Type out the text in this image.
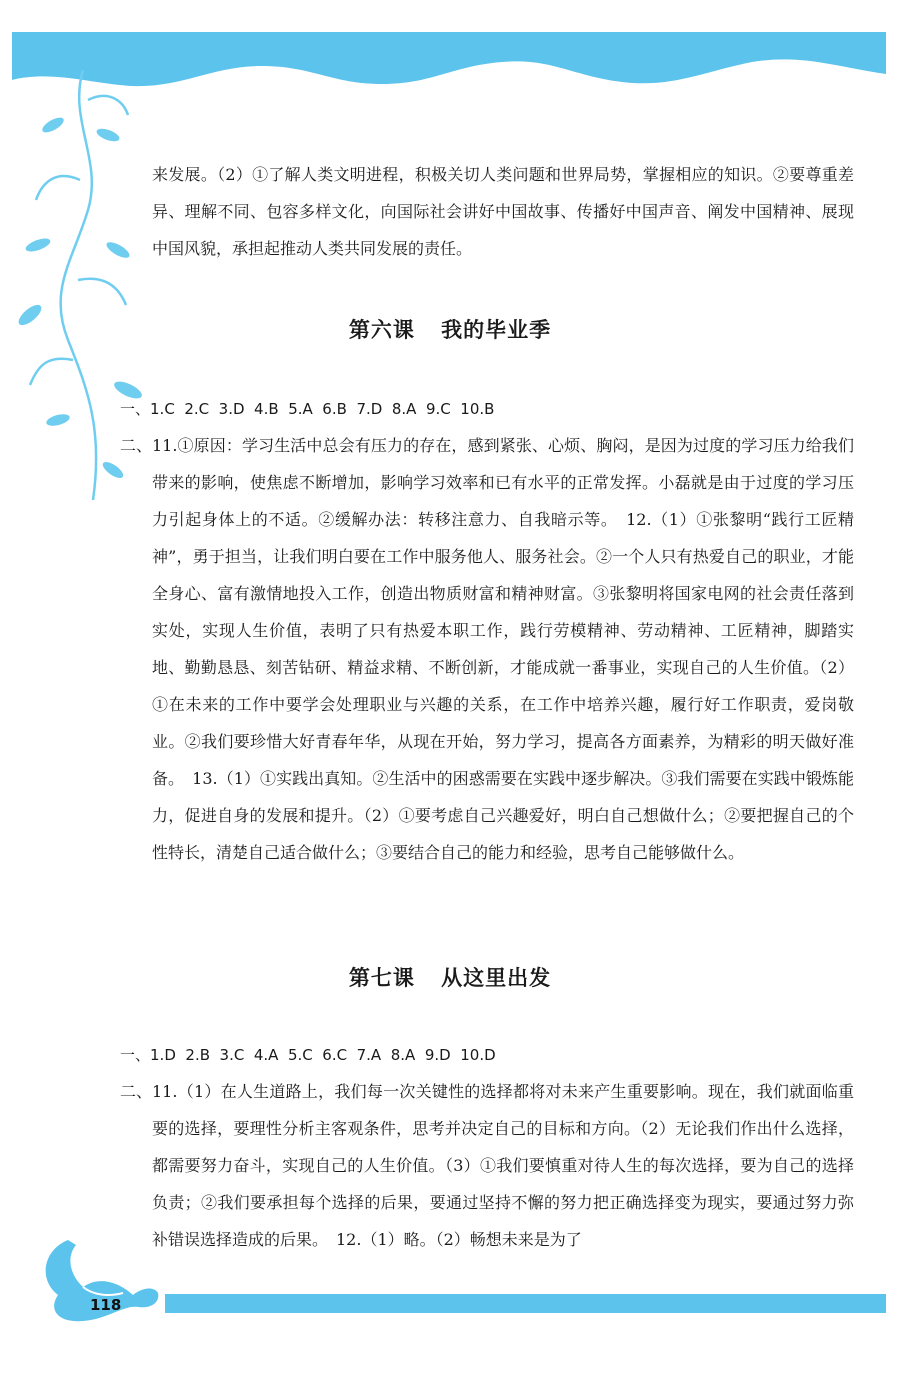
来发展。（2）①了解人类文明进程，积极关切人类问题和世界局势，掌握相应的知识。②要尊重差异、理解不同、包容多样文化，向国际社会讲好中国故事、传播好中国声音、阐发中国精神、展现中国风貌，承担起推动人类共同发展的责任。

第六课 我的毕业季
一、1.C  2.C  3.D  4.B  5.A  6.B  7.D  8.A  9.C  10.B
二、 11.①原因：学习生活中总会有压力的存在，感到紧张、心烦、胸闷，是因为过度的学习压力给我们带来的影响，使焦虑不断增加，影响学习效率和已有水平的正常发挥。小磊就是由于过度的学习压力引起身体上的不适。②缓解办法：转移注意力、自我暗示等。　12.（1）①张黎明“践行工匠精神”，勇于担当，让我们明白要在工作中服务他人、服务社会。②一个人只有热爱自己的职业，才能全身心、富有激情地投入工作，创造出物质财富和精神财富。③张黎明将国家电网的社会责任落到实处，实现人生价值，表明了只有热爱本职工作，践行劳模精神、劳动精神、工匠精神，脚踏实地、勤勤恳恳、刻苦钻研、精益求精、不断创新，才能成就一番事业，实现自己的人生价值。（2）①在未来的工作中要学会处理职业与兴趣的关系，在工作中培养兴趣，履行好工作职责，爱岗敬业。②我们要珍惜大好青春年华，从现在开始，努力学习，提高各方面素养，为精彩的明天做好准备。　13.（1）①实践出真知。②生活中的困惑需要在实践中逐步解决。③我们需要在实践中锻炼能力，促进自身的发展和提升。（2）①要考虑自己兴趣爱好，明白自己想做什么；②要把握自己的个性特长，清楚自己适合做什么；③要结合自己的能力和经验，思考自己能够做什么。
第七课 从这里出发
一、1.D  2.B  3.C  4.A  5.C  6.C  7.A  8.A  9.D  10.D
二、 11.（1）在人生道路上，我们每一次关键性的选择都将对未来产生重要影响。现在，我们就面临重要的选择，要理性分析主客观条件，思考并决定自己的目标和方向。（2）无论我们作出什么选择，都需要努力奋斗，实现自己的人生价值。（3）①我们要慎重对待人生的每次选择，要为自己的选择负责；②我们要承担每个选择的后果，要通过坚持不懈的努力把正确选择变为现实，要通过努力弥补错误选择造成的后果。　12.（1）略。（2）畅想未来是为了
118
